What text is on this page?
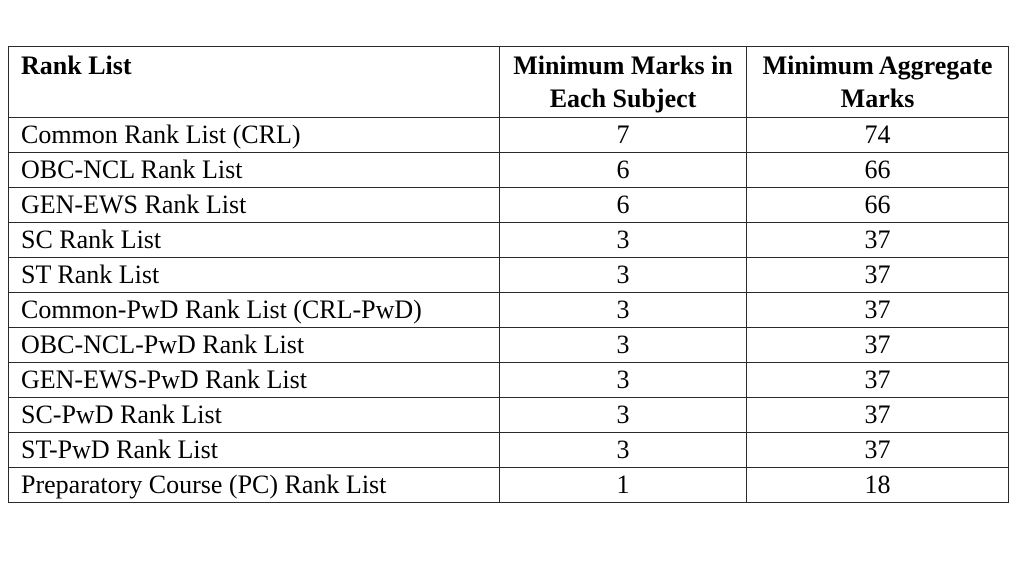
Rank List	Minimum Marks in Each Subject	Minimum Aggregate Marks
Common Rank List (CRL)	7	74
OBC-NCL Rank List	6	66
GEN-EWS Rank List	6	66
SC Rank List	3	37
ST Rank List	3	37
Common-PwD Rank List (CRL-PwD)	3	37
OBC-NCL-PwD Rank List	3	37
GEN-EWS-PwD Rank List	3	37
SC-PwD Rank List	3	37
ST-PwD Rank List	3	37
Preparatory Course (PC) Rank List	1	18
